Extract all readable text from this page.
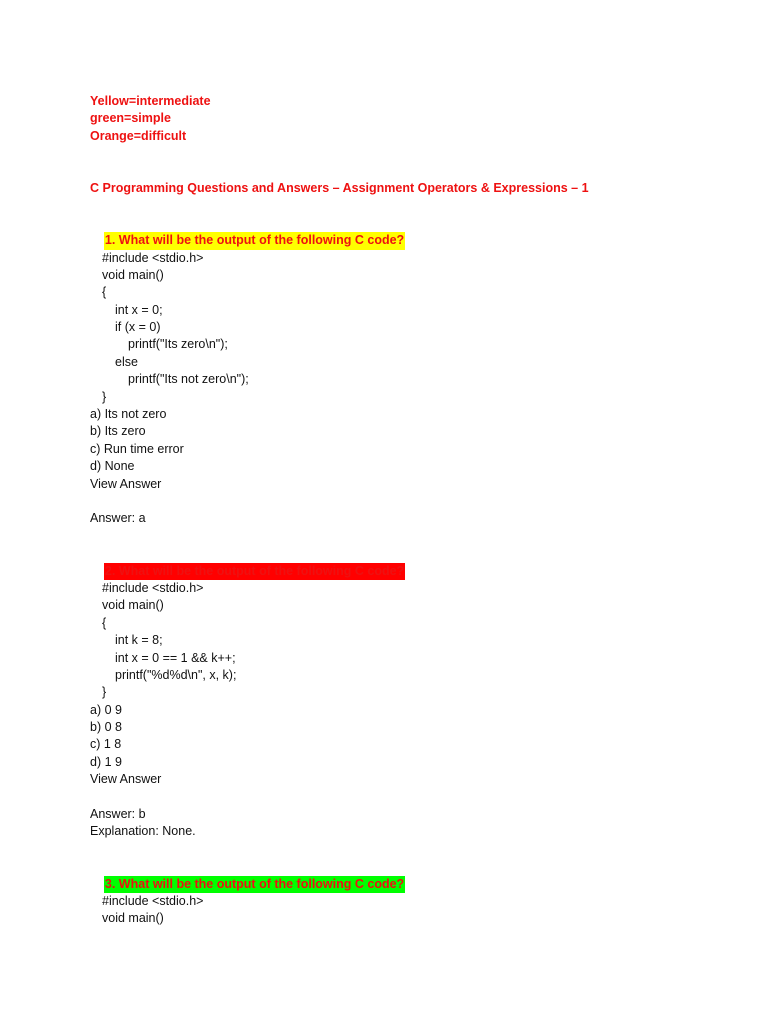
Yellow=intermediate
green=simple
Orange=difficult
C Programming Questions and Answers – Assignment Operators & Expressions – 1

1. What will be the output of the following C code?

#include <stdio.h>
void main()
{
int x = 0;
if (x = 0)
printf("Its zero\n");
else
printf("Its not zero\n");
}
a) Its not zero
b) Its zero
c) Run time error
d) None
View Answer
Answer: a

2. What will be the output of the following C code?

#include <stdio.h>
void main()
{
int k = 8;
int x = 0 == 1 && k++;
printf("%d%d\n", x, k);
}
a) 0 9
b) 0 8
c) 1 8
d) 1 9
View Answer
Answer: b
Explanation: None.

3. What will be the output of the following C code?

#include <stdio.h>
void main()
